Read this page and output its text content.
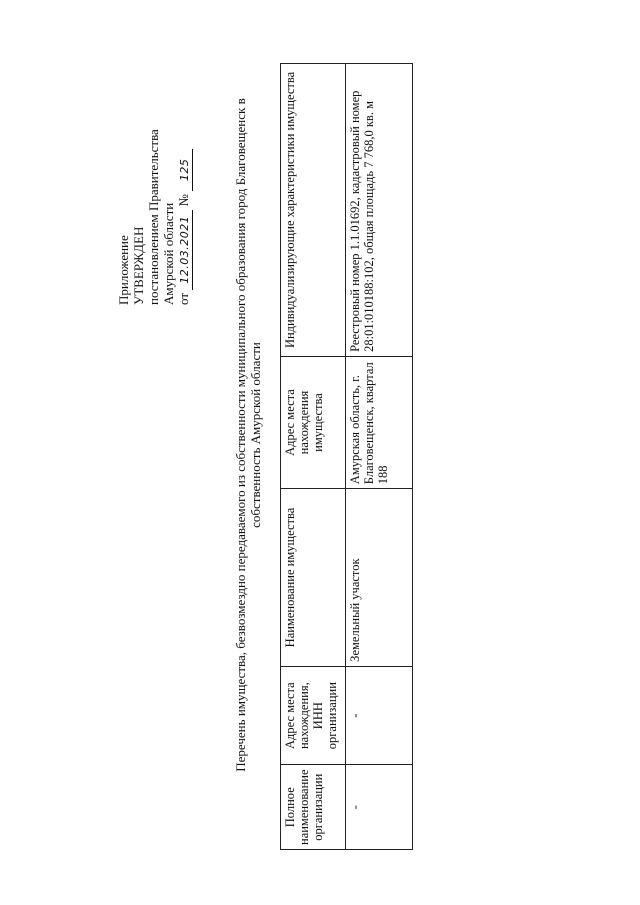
Приложение УТВЕРЖДЕН постановлением Правительства Амурской области от 12.03.2021 № 125	Перечень имущества, безвозмездно передаваемого из собственности муниципального образования город Благовещенск в собственность Амурской области
Полное наименование организации	Адрес места нахождения, ИНН организации	Наименование имущества	Адрес места нахождения имущества	Индивидуализирующие характеристики имущества
-	-	Земельный участок	Амурская область, г. Благовещенск, квартал 188	Реестровый номер 1.1.01692, кадастровый номер 28:01:010188:102, общая площадь 7 768,0 кв. м
